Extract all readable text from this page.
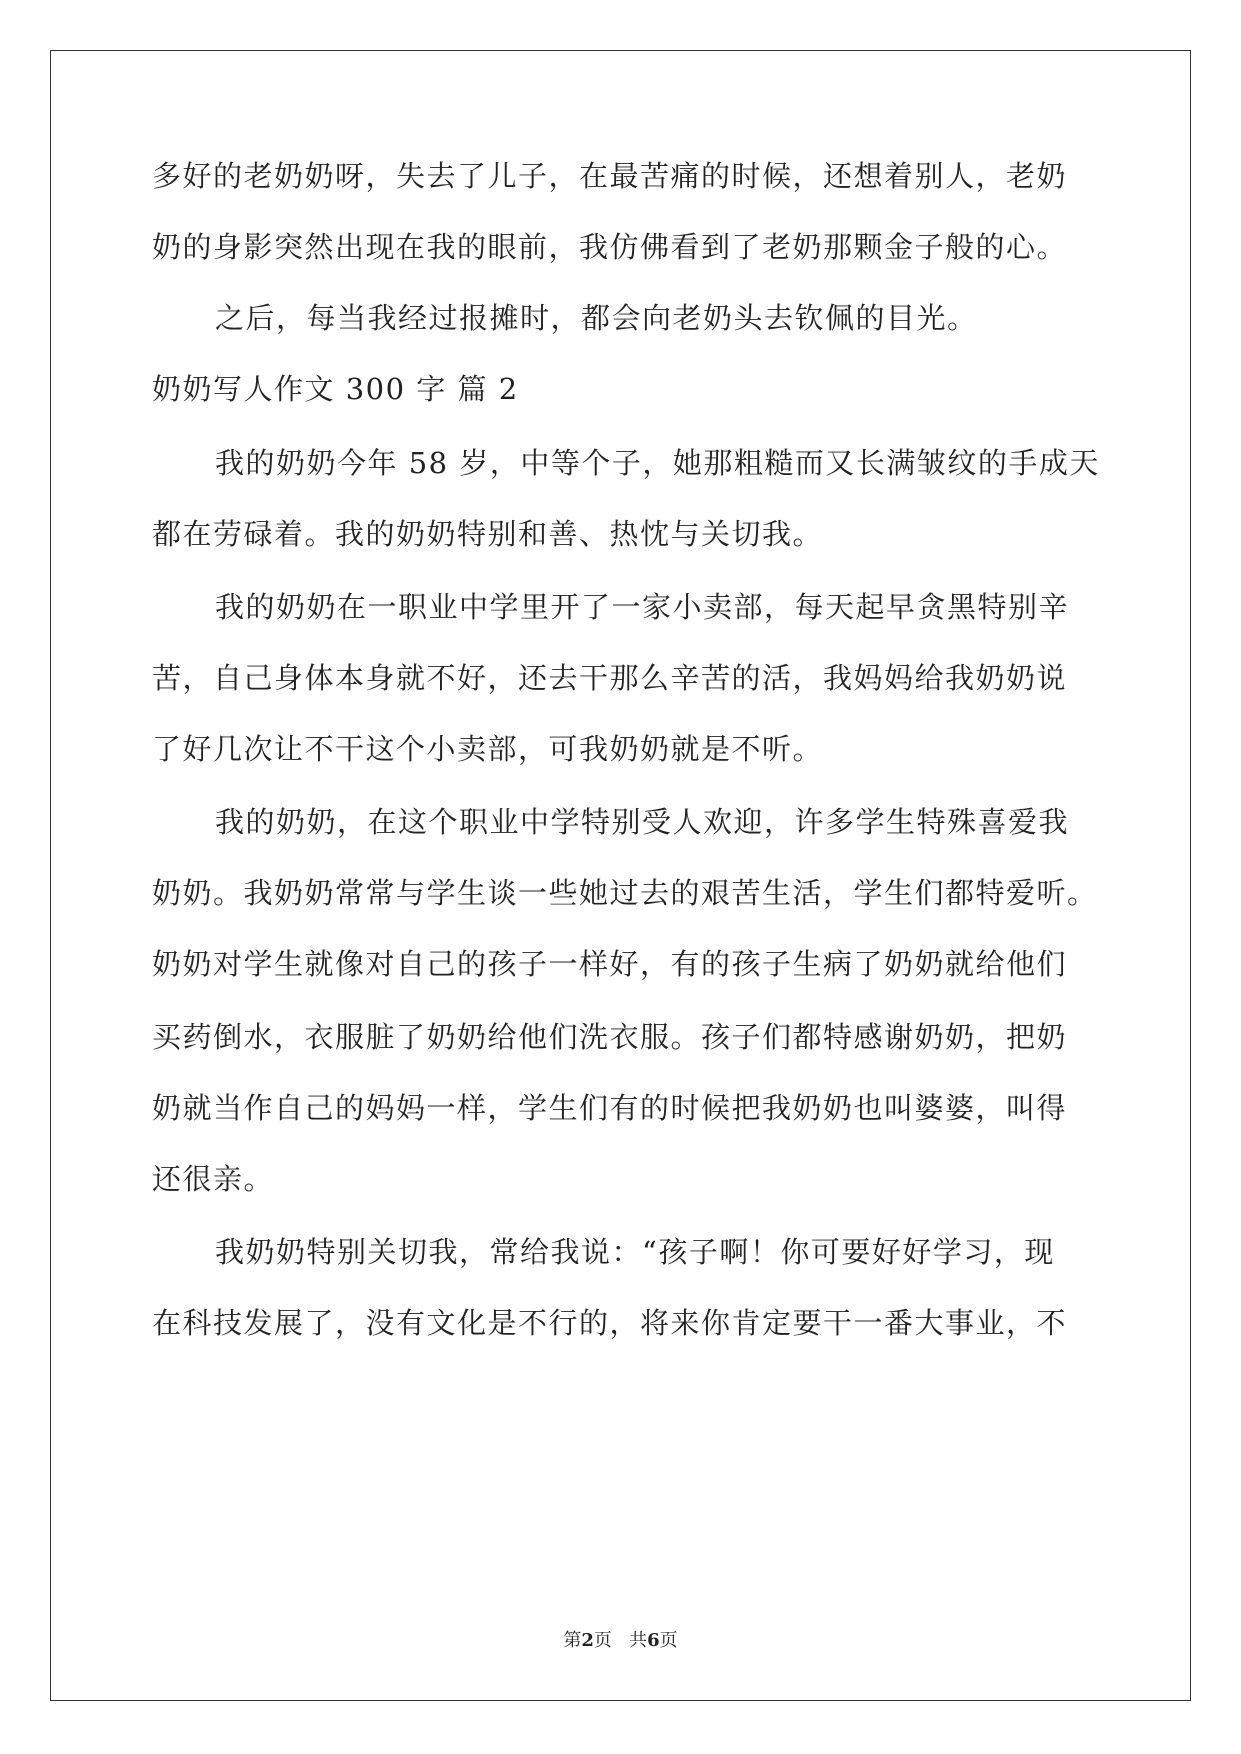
多好的老奶奶呀，失去了儿子，在最苦痛的时候，还想着别人，老奶
奶的身影突然出现在我的眼前，我仿佛看到了老奶那颗金子般的心。
之后，每当我经过报摊时，都会向老奶头去钦佩的目光。
奶奶写人作文 300 字 篇 2
我的奶奶今年 58 岁，中等个子，她那粗糙而又长满皱纹的手成天
都在劳碌着。我的奶奶特别和善、热忱与关切我。
我的奶奶在一职业中学里开了一家小卖部，每天起早贪黑特别辛
苦，自己身体本身就不好，还去干那么辛苦的活，我妈妈给我奶奶说
了好几次让不干这个小卖部，可我奶奶就是不听。
我的奶奶，在这个职业中学特别受人欢迎，许多学生特殊喜爱我
奶奶。我奶奶常常与学生谈一些她过去的艰苦生活，学生们都特爱听。
奶奶对学生就像对自己的孩子一样好，有的孩子生病了奶奶就给他们
买药倒水，衣服脏了奶奶给他们洗衣服。孩子们都特感谢奶奶，把奶
奶就当作自己的妈妈一样，学生们有的时候把我奶奶也叫婆婆，叫得
还很亲。
我奶奶特别关切我，常给我说：“孩子啊！你可要好好学习，现
在科技发展了，没有文化是不行的，将来你肯定要干一番大事业，不
第2页 共6页
